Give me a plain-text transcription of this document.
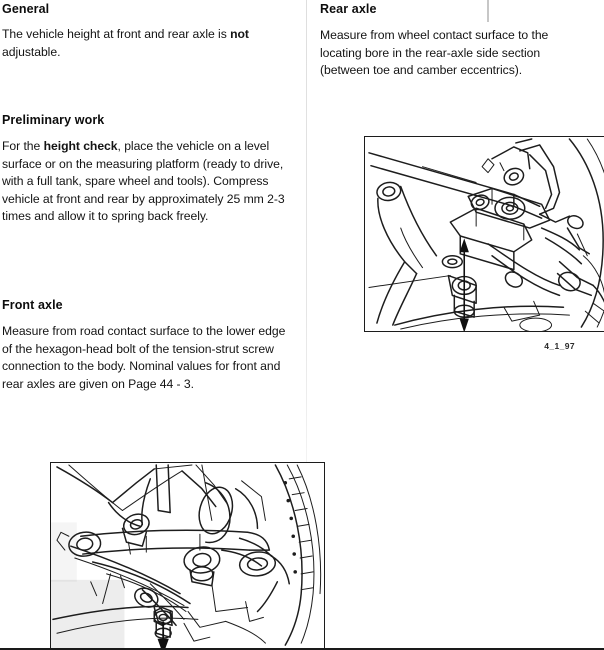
General

The vehicle height at front and rear axle is not adjustable.

Preliminary work

For the height check, place the vehicle on a level surface or on the measuring platform (ready to drive, with a full tank, spare wheel and tools). Compress vehicle at front and rear by approximately 25 mm 2-3 times and allow it to spring back freely.

Front axle

Measure from road contact surface to the lower edge of the hexagon-head bolt of the tension-strut screw connection to the body. Nominal values for front and rear axles are given on Page 44 - 3.

Rear axle

Measure from wheel contact surface to the locating bore in the rear-axle side section (between toe and camber eccentrics).

4_1_97
